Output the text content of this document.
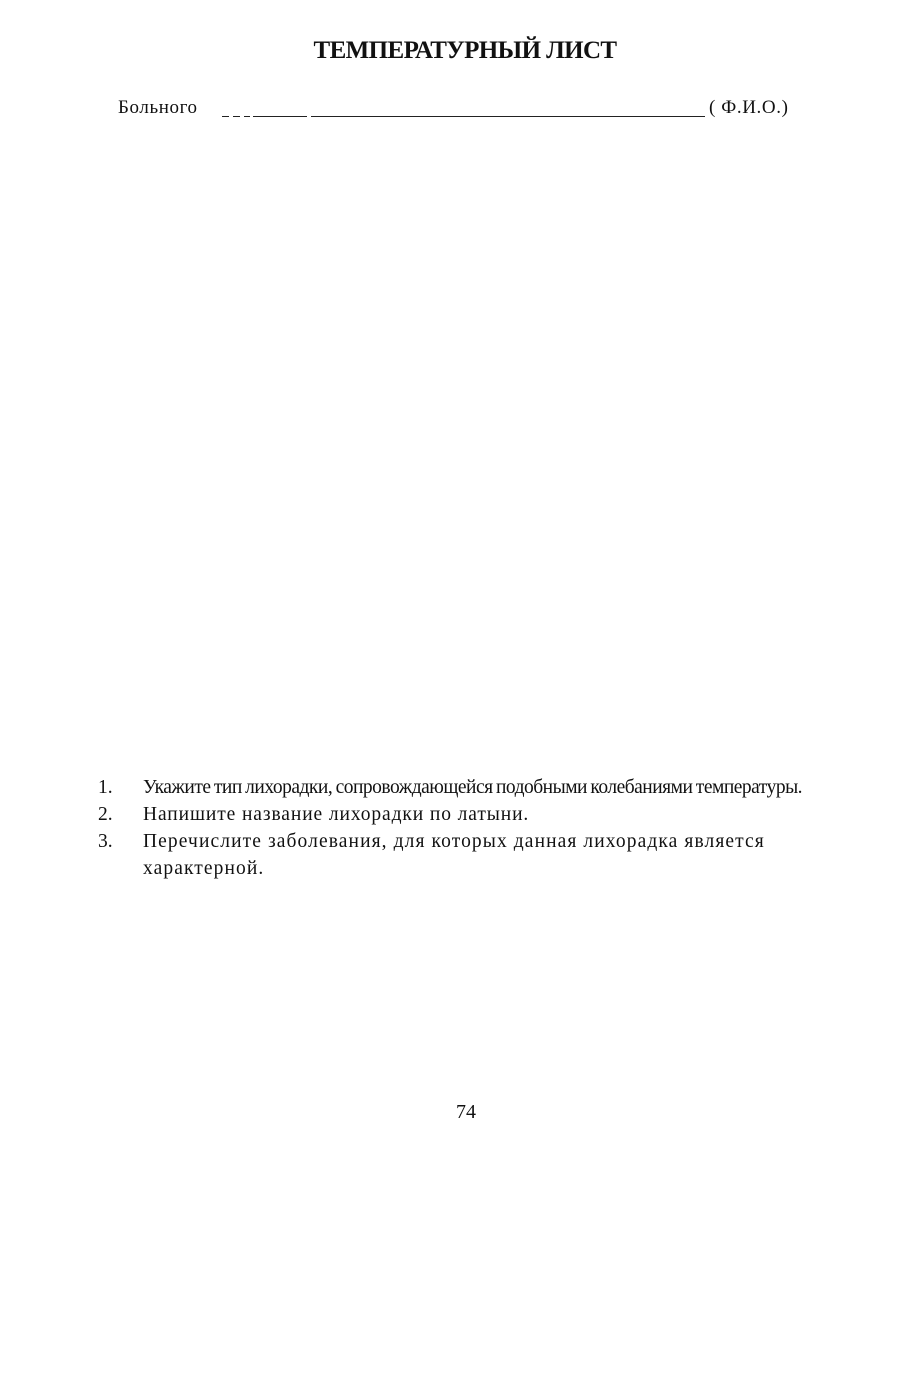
ТЕМПЕРАТУРНЫЙ ЛИСТ
Больного	( Ф.И.О.)
1. Укажите тип лихорадки, сопровождающейся подобными колебаниями температуры.
2. Напишите название лихорадки по латыни.
3. Перечислите заболевания, для которых данная лихорадка является характерной.
74
